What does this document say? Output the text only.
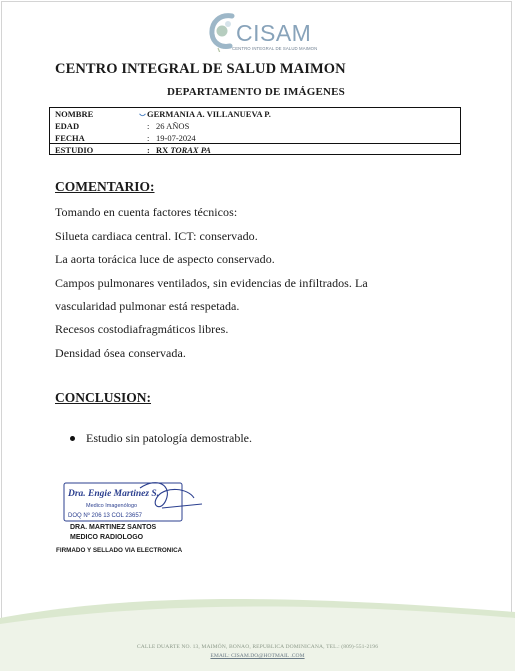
CISAM
CENTRO INTEGRAL DE SALUD MAIMON
CENTRO INTEGRAL DE SALUD MAIMON
DEPARTAMENTO DE IMÁGENES
NOMBRE	GERMANIA A. VILLANUEVA P.
EDAD	: 26 AÑOS
FECHA	: 19-07-2024
ESTUDIO	: RX TORAX PA
COMENTARIO:

Tomando en cuenta factores técnicos:

Silueta cardiaca central. ICT: conservado.

La aorta torácica luce de aspecto conservado.

Campos pulmonares ventilados, sin evidencias de infiltrados. La

vascularidad pulmonar está respetada.

Recesos costodiafragmáticos libres.

Densidad ósea conservada.

CONCLUSION:

Estudio sin patología demostrable.

Dra. Engie Martinez S.
Medico Imagenólogo
DOQ Nº 206 13 COL 23657
DRA. MARTINEZ SANTOS
MEDICO RADIOLOGO
FIRMADO Y SELLADO VIA ELECTRONICA
CALLE DUARTE NO. 13, MAIMÓN, BONAO, REPUBLICA DOMINICANA, TEL.: (809)-551-2196
EMAIL: CISAM.DO@HOTMAIL .COM
